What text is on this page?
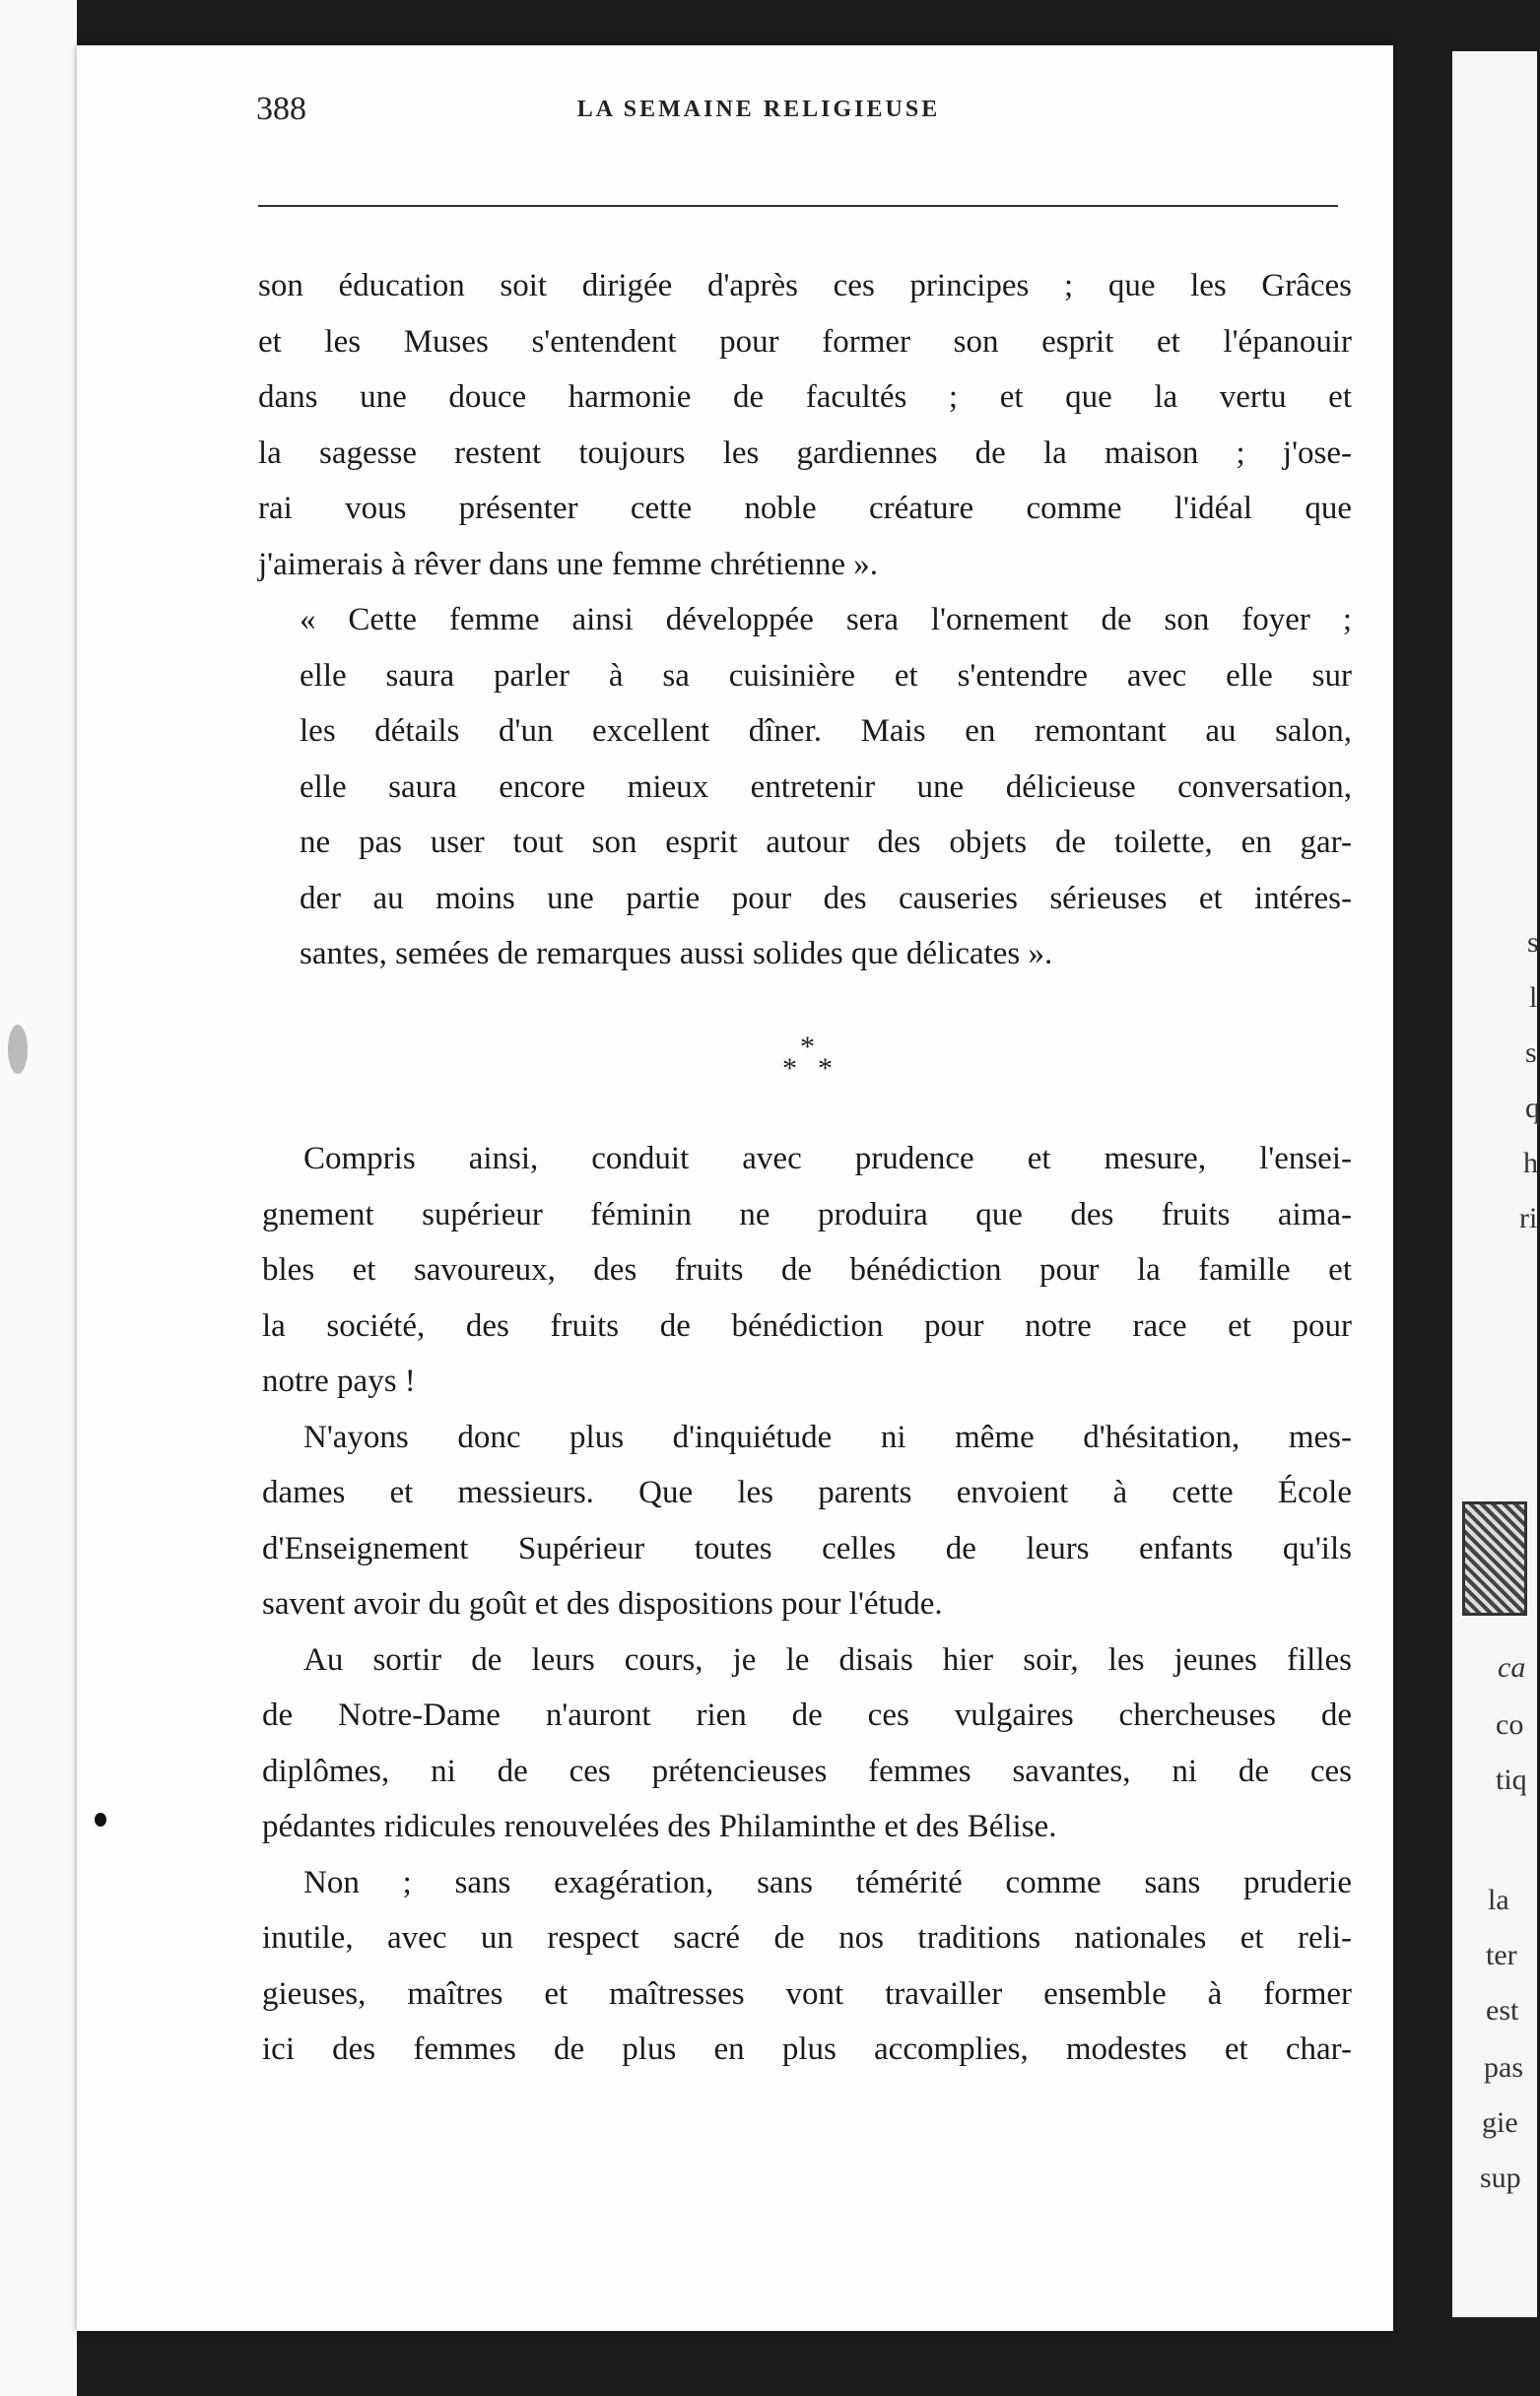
s
l
s
q
h
ri
ca
co
tiq
la
ter
est
pas
gie
sup
388	LA SEMAINE RELIGIEUSE

son éducation soit dirigée d'après ces principes ; que les Grâces
et les Muses s'entendent pour former son esprit et l'épanouir
dans une douce harmonie de facultés ; et que la vertu et
la sagesse restent toujours les gardiennes de la maison ; j'ose-
rai vous présenter cette noble créature comme l'idéal que
j'aimerais à rêver dans une femme chrétienne ».

« Cette femme ainsi développée sera l'ornement de son foyer ;
elle saura parler à sa cuisinière et s'entendre avec elle sur
les détails d'un excellent dîner. Mais en remontant au salon,
elle saura encore mieux entretenir une délicieuse conversation,
ne pas user tout son esprit autour des objets de toilette, en gar-
der au moins une partie pour des causeries sérieuses et intéres-
santes, semées de remarques aussi solides que délicates ».

*
* *

Compris ainsi, conduit avec prudence et mesure, l'ensei-
gnement supérieur féminin ne produira que des fruits aima-
bles et savoureux, des fruits de bénédiction pour la famille et
la société, des fruits de bénédiction pour notre race et pour
notre pays !

N'ayons donc plus d'inquiétude ni même d'hésitation, mes-
dames et messieurs. Que les parents envoient à cette École
d'Enseignement Supérieur toutes celles de leurs enfants qu'ils
savent avoir du goût et des dispositions pour l'étude.

Au sortir de leurs cours, je le disais hier soir, les jeunes filles
de Notre-Dame n'auront rien de ces vulgaires chercheuses de
diplômes, ni de ces prétencieuses femmes savantes, ni de ces
pédantes ridicules renouvelées des Philaminthe et des Bélise.

Non ; sans exagération, sans témérité comme sans pruderie
inutile, avec un respect sacré de nos traditions nationales et reli-
gieuses, maîtres et maîtresses vont travailler ensemble à former
ici des femmes de plus en plus accomplies, modestes et char-
